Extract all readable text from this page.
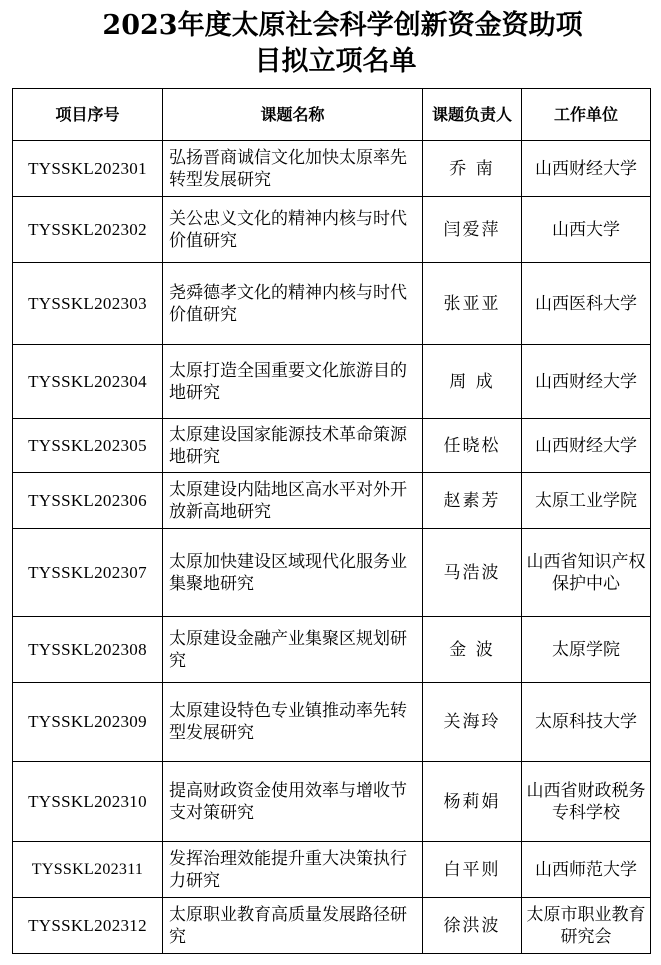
2023年度太原社会科学创新资金资助项
目拟立项名单
项目序号	课题名称	课题负责人	工作单位
TYSSKL202301	弘扬晋商诚信文化加快太原率先转型发展研究	乔 南	山西财经大学
TYSSKL202302	关公忠义文化的精神内核与时代价值研究	闫爱萍	山西大学
TYSSKL202303	尧舜德孝文化的精神内核与时代价值研究	张亚亚	山西医科大学
TYSSKL202304	太原打造全国重要文化旅游目的地研究	周 成	山西财经大学
TYSSKL202305	太原建设国家能源技术革命策源地研究	任晓松	山西财经大学
TYSSKL202306	太原建设内陆地区高水平对外开放新高地研究	赵素芳	太原工业学院
TYSSKL202307	太原加快建设区域现代化服务业集聚地研究	马浩波	山西省知识产权保护中心
TYSSKL202308	太原建设金融产业集聚区规划研究	金 波	太原学院
TYSSKL202309	太原建设特色专业镇推动率先转型发展研究	关海玲	太原科技大学
TYSSKL202310	提高财政资金使用效率与增收节支对策研究	杨莉娟	山西省财政税务专科学校
TYSSKL202311	发挥治理效能提升重大决策执行力研究	白平则	山西师范大学
TYSSKL202312	太原职业教育高质量发展路径研究	徐洪波	太原市职业教育研究会
